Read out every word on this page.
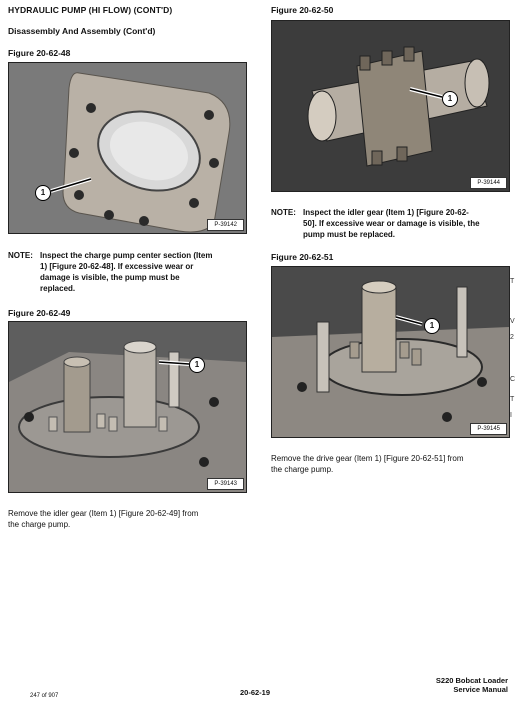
HYDRAULIC PUMP (HI FLOW) (CONT'D)
Disassembly And Assembly (Cont'd)
Figure 20-62-48
1
P-39142
NOTE: Inspect the charge pump center section (Item
1) [Figure 20-62-48]. If excessive wear or
damage is visible, the pump must be
replaced.
Figure 20-62-49
1
P-39143
Remove the idler gear (Item 1) [Figure 20-62-49] from
the charge pump.
Figure 20-62-50
1
P-39144
NOTE: Inspect the idler gear (Item 1) [Figure 20-62-
50]. If excessive wear or damage is visible, the
pump must be replaced.
Figure 20-62-51
1
P-39145
Remove the drive gear (Item 1) [Figure 20-62-51] from
the charge pump.
T
V
2
C
T
I
247 of 907	20-62-19
S220 Bobcat Loader
Service Manual
